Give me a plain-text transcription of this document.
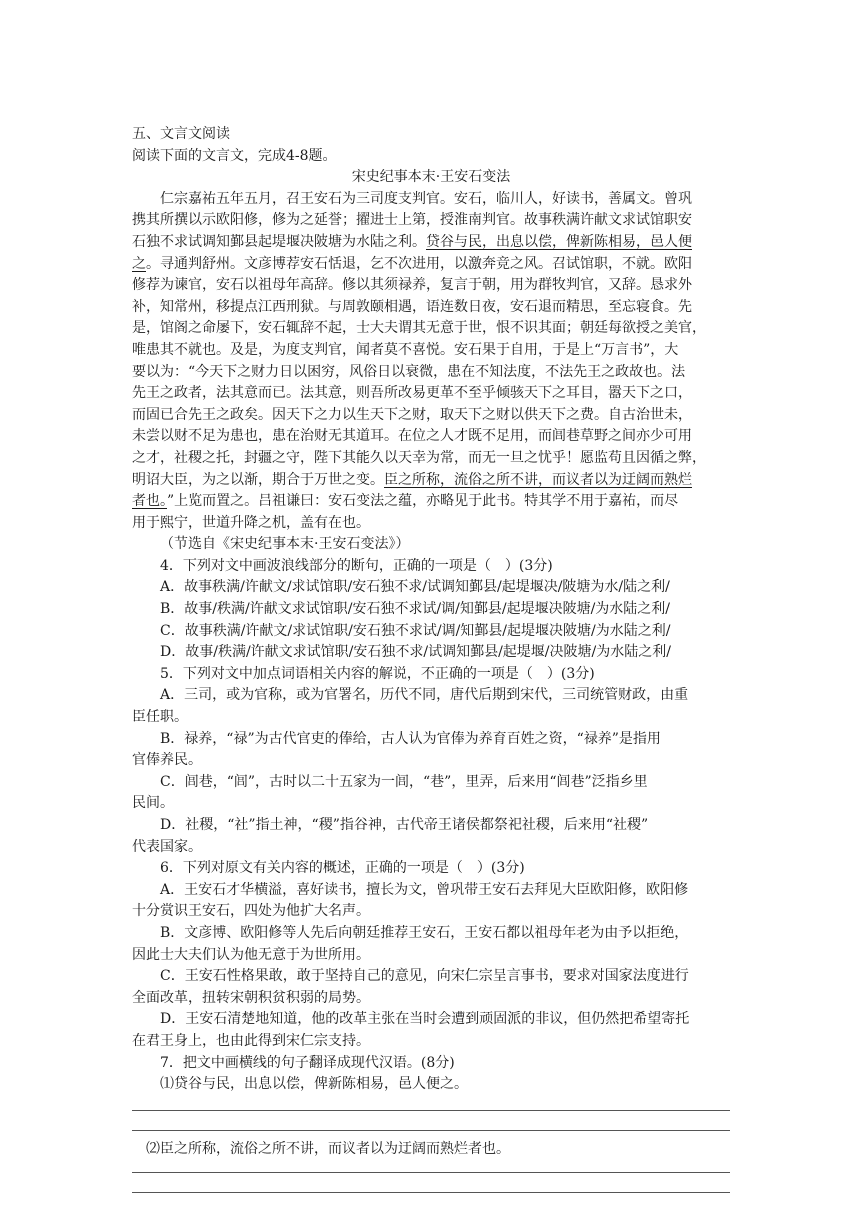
五、文言文阅读
阅读下面的文言文，完成4-8题。
宋史纪事本末·王安石变法
仁宗嘉祐五年五月，召王安石为三司度支判官。安石，临川人，好读书，善属文。曾巩
携其所撰以示欧阳修，修为之延誉；擢进士上第，授淮南判官。故事秩满许献文求试馆职安
石独不求试调知鄞县起堤堰决陂塘为水陆之利。贷谷与民，出息以偿，俾新陈相易，邑人便
之。寻通判舒州。文彦博荐安石恬退，乞不次进用，以激奔竞之风。召试馆职，不就。欧阳
修荐为谏官，安石以祖母年高辞。修以其须禄养，复言于朝，用为群牧判官，又辞。恳求外
补，知常州，移提点江西刑狱。与周敦颐相遇，语连数日夜，安石退而精思，至忘寝食。先
是，馆阁之命屡下，安石辄辞不起，士大夫谓其无意于世，恨不识其面；朝廷每欲授之美官，
唯患其不就也。及是，为度支判官，闻者莫不喜悦。安石果于自用，于是上“万言书”，大
要以为：“今天下之财力日以困穷，风俗日以衰微，患在不知法度，不法先王之政故也。法
先王之政者，法其意而已。法其意，则吾所改易更革不至乎倾骇天下之耳目，嚣天下之口，
而固已合先王之政矣。因天下之力以生天下之财，取天下之财以供天下之费。自古治世未，
未尝以财不足为患也，患在治财无其道耳。在位之人才既不足用，而闾巷草野之间亦少可用
之才，社稷之托，封疆之守，陛下其能久以天幸为常，而无一旦之忧乎！愿监苟且因循之弊，
明诏大臣，为之以渐，期合于万世之变。臣之所称，流俗之所不讲，而议者以为迂阔而熟烂
者也。”上览而置之。吕祖谦曰：安石变法之蕴，亦略见于此书。特其学不用于嘉祐，而尽
用于熙宁，世道升降之机，盖有在也。
（节选自《宋史纪事本末·王安石变法》）
4．下列对文中画波浪线部分的断句，正确的一项是（　）(3分)
A．故事秩满/许献文/求试馆职/安石独不求/试调知鄞县/起堤堰决/陂塘为水/陆之利/
B．故事/秩满/许献文求试馆职/安石独不求试/调/知鄞县/起堤堰决陂塘/为水陆之利/
C．故事秩满/许献文/求试馆职/安石独不求试/调/知鄞县/起堤堰决陂塘/为水陆之利/
D．故事/秩满/许献文求试馆职/安石独不求/试调知鄞县/起堤堰/决陂塘/为水陆之利/
5．下列对文中加点词语相关内容的解说，不正确的一项是（　）(3分)
A．三司，或为官称，或为官署名，历代不同，唐代后期到宋代，三司统管财政，由重
臣任职。
B．禄养，“禄”为古代官吏的俸给，古人认为官俸为养育百姓之资，“禄养”是指用
官俸养民。
C．闾巷，“闾”，古时以二十五家为一闾，“巷”，里弄，后来用“闾巷”泛指乡里
民间。
D．社稷，“社”指土神，“稷”指谷神，古代帝王诸侯都祭祀社稷，后来用“社稷”
代表国家。
6．下列对原文有关内容的概述，正确的一项是（　）(3分)
A．王安石才华横溢，喜好读书，擅长为文，曾巩带王安石去拜见大臣欧阳修，欧阳修
十分赏识王安石，四处为他扩大名声。
B．文彦博、欧阳修等人先后向朝廷推荐王安石，王安石都以祖母年老为由予以拒绝，
因此士大夫们认为他无意于为世所用。
C．王安石性格果敢，敢于坚持自己的意见，向宋仁宗呈言事书，要求对国家法度进行
全面改革，扭转宋朝积贫积弱的局势。
D．王安石清楚地知道，他的改革主张在当时会遭到顽固派的非议，但仍然把希望寄托
在君王身上，也由此得到宋仁宗支持。
7．把文中画横线的句子翻译成现代汉语。(8分)
⑴贷谷与民，出息以偿，俾新陈相易，邑人便之。
⑵臣之所称，流俗之所不讲，而议者以为迂阔而熟烂者也。
